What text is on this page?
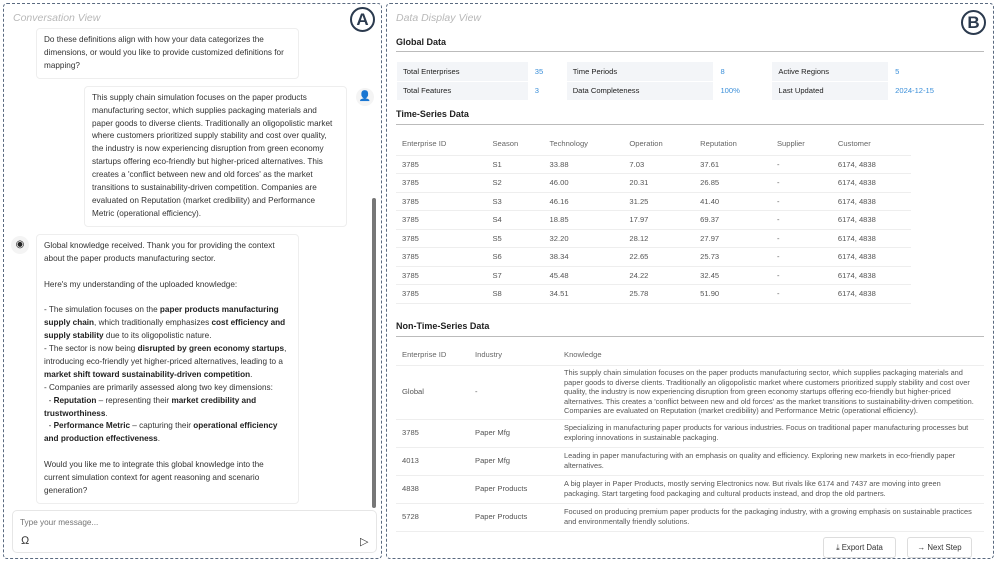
Conversation View	A

Do these definitions align with how your data categorizes the dimensions, or would you like to provide customized definitions for mapping?

This supply chain simulation focuses on the paper products manufacturing sector, which supplies packaging materials and paper goods to diverse clients. Traditionally an oligopolistic market where customers prioritized supply stability and cost over quality, the industry is now experiencing disruption from green economy startups offering eco-friendly but higher-priced alternatives. This creates a 'conflict between new and old forces' as the market transitions to sustainability-driven competition. Companies are evaluated on Reputation (market credibility) and Performance Metric (operational efficiency).

👤

Global knowledge received. Thank you for providing the context about the paper products manufacturing sector.

Here's my understanding of the uploaded knowledge:

- The simulation focuses on the paper products manufacturing supply chain, which traditionally emphasizes cost efficiency and supply stability due to its oligopolistic nature.
- The sector is now being disrupted by green economy startups, introducing eco-friendly yet higher-priced alternatives, leading to a market shift toward sustainability-driven competition.
- Companies are primarily assessed along two key dimensions:
- Reputation – representing their market credibility and trustworthiness.
- Performance Metric – capturing their operational efficiency and production effectiveness.

Would you like me to integrate this global knowledge into the current simulation context for agent reasoning and scenario generation?

◉
Type your message...
Ω	▷
Data Display View	B
Global Data
Total Enterprises	35	Time Periods	8	Active Regions	5
Total Features	3	Data Completeness	100%	Last Updated	2024-12-15
Time-Series Data
Enterprise ID	Season	Technology	Operation	Reputation	Supplier	Customer
3785	S1	33.88	7.03	37.61	-	6174, 4838
3785	S2	46.00	20.31	26.85	-	6174, 4838
3785	S3	46.16	31.25	41.40	-	6174, 4838
3785	S4	18.85	17.97	69.37	-	6174, 4838
3785	S5	32.20	28.12	27.97	-	6174, 4838
3785	S6	38.34	22.65	25.73	-	6174, 4838
3785	S7	45.48	24.22	32.45	-	6174, 4838
3785	S8	34.51	25.78	51.90	-	6174, 4838
Non-Time-Series Data
Enterprise ID	Industry	Knowledge
Global	-	This supply chain simulation focuses on the paper products manufacturing sector, which supplies packaging materials and paper goods to diverse clients. Traditionally an oligopolistic market where customers prioritized supply stability and cost over quality, the industry is now experiencing disruption from green economy startups offering eco-friendly but higher-priced alternatives. This creates a 'conflict between new and old forces' as the market transitions to sustainability-driven competition. Companies are evaluated on Reputation (market credibility) and Performance Metric (operational efficiency).
3785	Paper Mfg	Specializing in manufacturing paper products for various industries. Focus on traditional paper manufacturing processes but exploring innovations in sustainable packaging.
4013	Paper Mfg	Leading in paper manufacturing with an emphasis on quality and efficiency. Exploring new markets in eco-friendly paper alternatives.
4838	Paper Products	A big player in Paper Products, mostly serving Electronics now. But rivals like 6174 and 7437 are moving into green packaging. Start targeting food packaging and cultural products instead, and drop the old partners.
5728	Paper Products	Focused on producing premium paper products for the packaging industry, with a growing emphasis on sustainable practices and environmentally friendly solutions.
⤓ Export Data	→ Next Step
